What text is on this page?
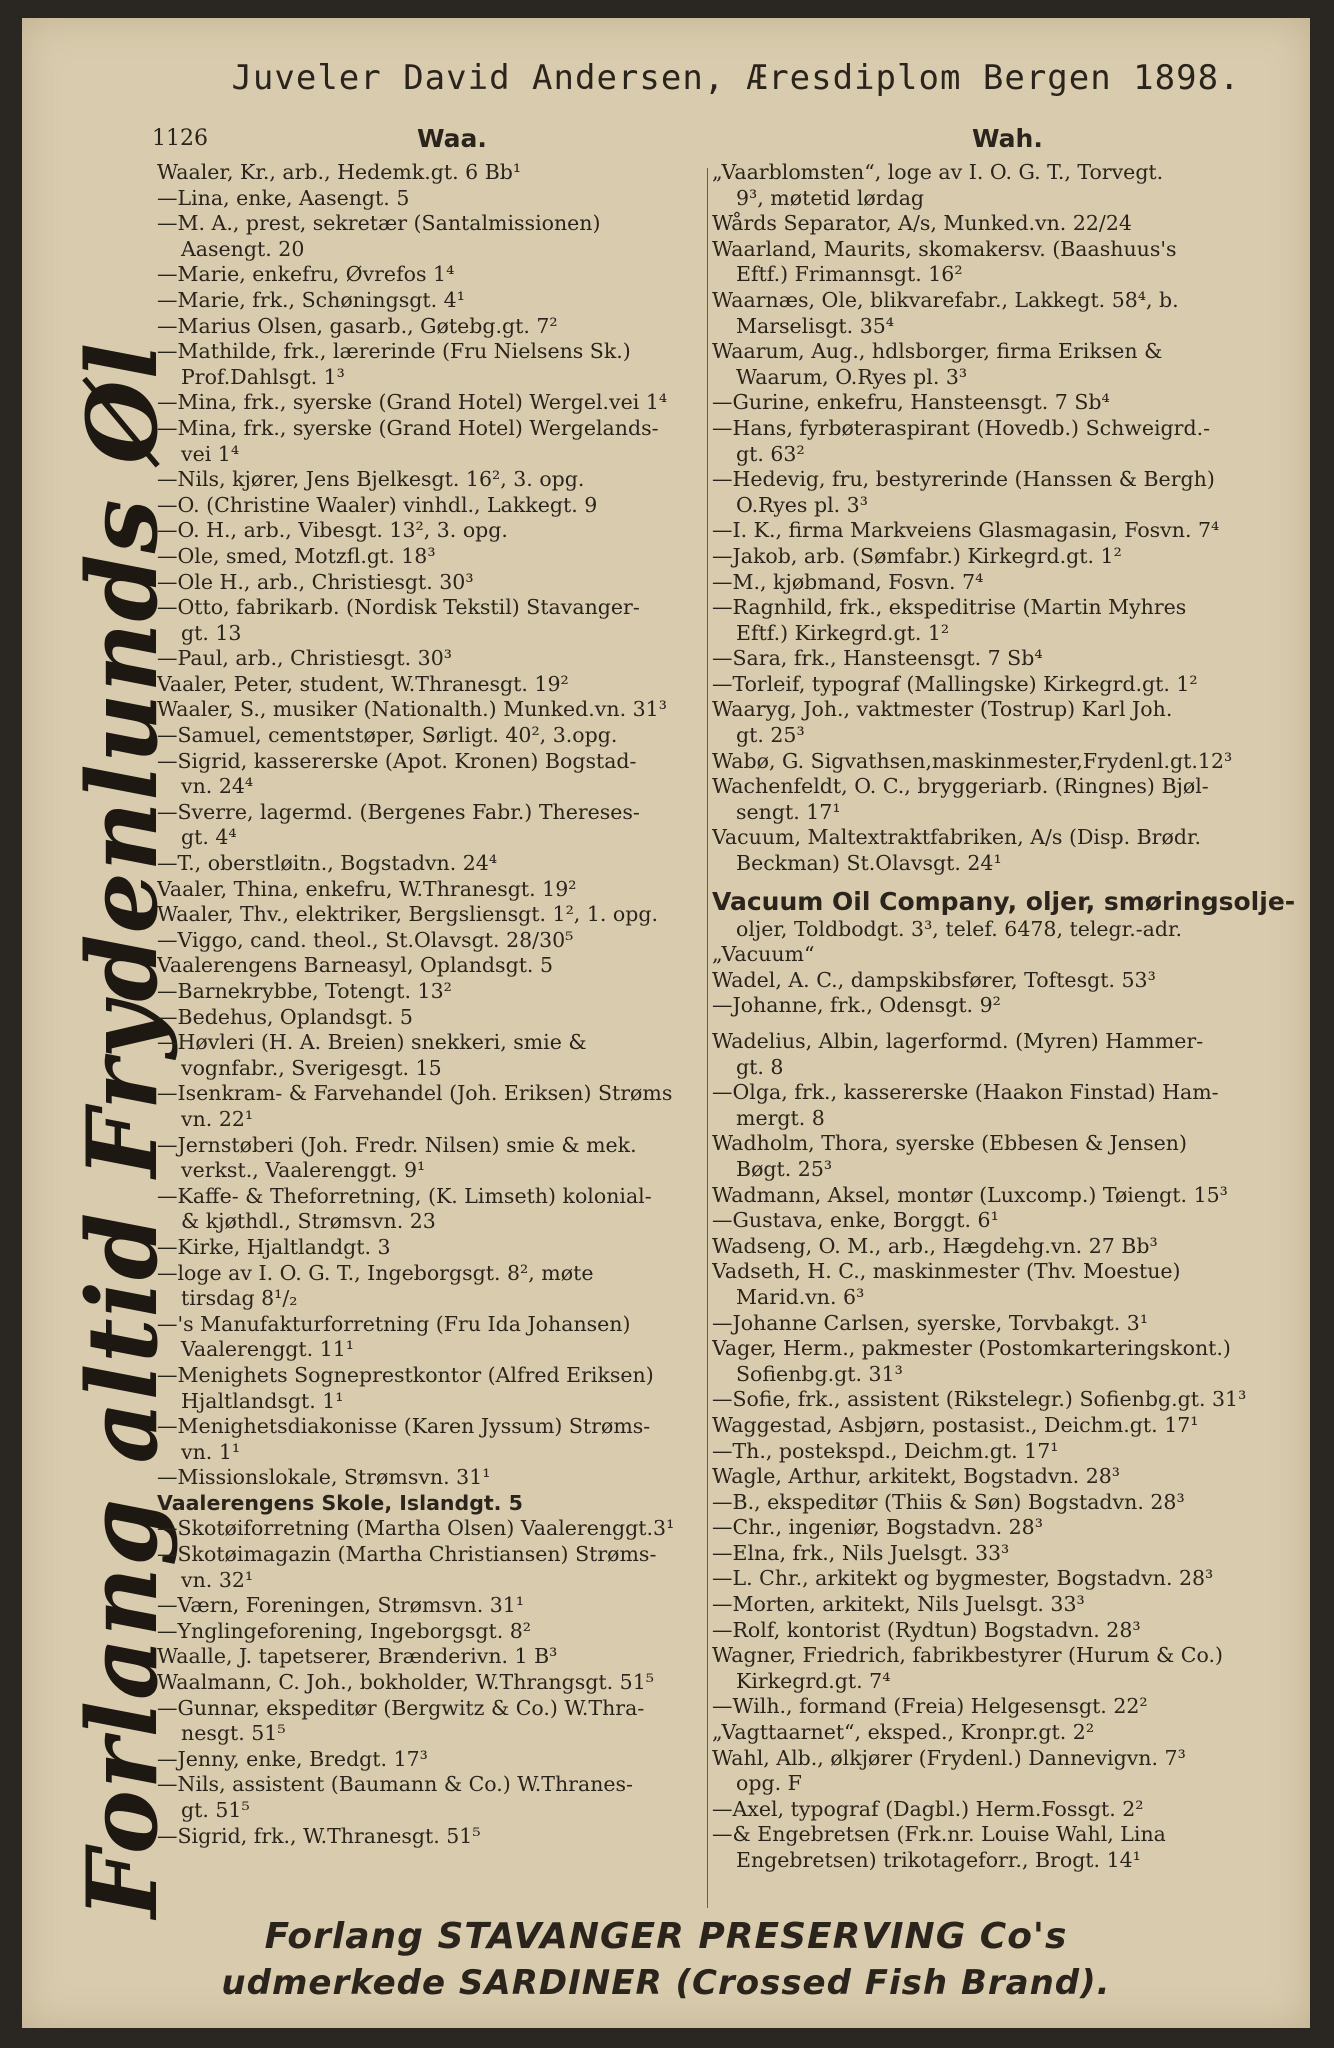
Juveler David Andersen, Æresdiplom Bergen 1898.
1126	Waa.	Wah.
Forlang altid Frydenlunds Øl
Waaler, Kr., arb., Hedemk.gt. 6 Bb¹
—Lina, enke, Aasengt. 5
—M. A., prest, sekretær (Santalmissionen)
Aasengt. 20
—Marie, enkefru, Øvrefos 1⁴
—Marie, frk., Schøningsgt. 4¹
—Marius Olsen, gasarb., Gøtebg.gt. 7²
—Mathilde, frk., lærerinde (Fru Nielsens Sk.)
Prof.Dahlsgt. 1³
—Mina, frk., syerske (Grand Hotel) Wergel.vei 1⁴
—Mina, frk., syerske (Grand Hotel) Wergelands-
vei 1⁴
—Nils, kjører, Jens Bjelkesgt. 16², 3. opg.
—O. (Christine Waaler) vinhdl., Lakkegt. 9
—O. H., arb., Vibesgt. 13², 3. opg.
—Ole, smed, Motzfl.gt. 18³
—Ole H., arb., Christiesgt. 30³
—Otto, fabrikarb. (Nordisk Tekstil) Stavanger-
gt. 13
—Paul, arb., Christiesgt. 30³
Vaaler, Peter, student, W.Thranesgt. 19²
Waaler, S., musiker (Nationalth.) Munked.vn. 31³
—Samuel, cementstøper, Sørligt. 40², 3.opg.
—Sigrid, kassererske (Apot. Kronen) Bogstad-
vn. 24⁴
—Sverre, lagermd. (Bergenes Fabr.) Thereses-
gt. 4⁴
—T., oberstløitn., Bogstadvn. 24⁴
Vaaler, Thina, enkefru, W.Thranesgt. 19²
Waaler, Thv., elektriker, Bergsliensgt. 1², 1. opg.
—Viggo, cand. theol., St.Olavsgt. 28/30⁵
Vaalerengens Barneasyl, Oplandsgt. 5
—Barnekrybbe, Totengt. 13²
—Bedehus, Oplandsgt. 5
—Høvleri (H. A. Breien) snekkeri, smie &
vognfabr., Sverigesgt. 15
—Isenkram- & Farvehandel (Joh. Eriksen) Strøms
vn. 22¹
—Jernstøberi (Joh. Fredr. Nilsen) smie & mek.
verkst., Vaalerenggt. 9¹
—Kaffe- & Theforretning, (K. Limseth) kolonial-
& kjøthdl., Strømsvn. 23
—Kirke, Hjaltlandgt. 3
—loge av I. O. G. T., Ingeborgsgt. 8², møte
tirsdag 8¹/₂
—'s Manufakturforretning (Fru Ida Johansen)
Vaalerenggt. 11¹
—Menighets Sogneprestkontor (Alfred Eriksen)
Hjaltlandsgt. 1¹
—Menighetsdiakonisse (Karen Jyssum) Strøms-
vn. 1¹
—Missionslokale, Strømsvn. 31¹
Vaalerengens Skole, Islandgt. 5
—Skotøiforretning (Martha Olsen) Vaalerenggt.3¹
—Skotøimagazin (Martha Christiansen) Strøms-
vn. 32¹
—Værn, Foreningen, Strømsvn. 31¹
—Ynglingeforening, Ingeborgsgt. 8²
Waalle, J. tapetserer, Brænderivn. 1 B³
Waalmann, C. Joh., bokholder, W.Thrangsgt. 51⁵
—Gunnar, ekspeditør (Bergwitz & Co.) W.Thra-
nesgt. 51⁵
—Jenny, enke, Bredgt. 17³
—Nils, assistent (Baumann & Co.) W.Thranes-
gt. 51⁵
—Sigrid, frk., W.Thranesgt. 51⁵
„Vaarblomsten“, loge av I. O. G. T., Torvegt.
9³, møtetid lørdag
Wårds Separator, A/s, Munked.vn. 22/24
Waarland, Maurits, skomakersv. (Baashuus's
Eftf.) Frimannsgt. 16²
Waarnæs, Ole, blikvarefabr., Lakkegt. 58⁴, b.
Marselisgt. 35⁴
Waarum, Aug., hdlsborger, firma Eriksen &
Waarum, O.Ryes pl. 3³
—Gurine, enkefru, Hansteensgt. 7 Sb⁴
—Hans, fyrbøteraspirant (Hovedb.) Schweigrd.-
gt. 63²
—Hedevig, fru, bestyrerinde (Hanssen & Bergh)
O.Ryes pl. 3³
—I. K., firma Markveiens Glasmagasin, Fosvn. 7⁴
—Jakob, arb. (Sømfabr.) Kirkegrd.gt. 1²
—M., kjøbmand, Fosvn. 7⁴
—Ragnhild, frk., ekspeditrise (Martin Myhres
Eftf.) Kirkegrd.gt. 1²
—Sara, frk., Hansteensgt. 7 Sb⁴
—Torleif, typograf (Mallingske) Kirkegrd.gt. 1²
Waaryg, Joh., vaktmester (Tostrup) Karl Joh.
gt. 25³
Wabø, G. Sigvathsen,maskinmester,Frydenl.gt.12³
Wachenfeldt, O. C., bryggeriarb. (Ringnes) Bjøl-
sengt. 17¹
Vacuum, Maltextraktfabriken, A/s (Disp. Brødr.
Beckman) St.Olavsgt. 24¹
Vacuum Oil Company, oljer, smøringsolje-
oljer, Toldbodgt. 3³, telef. 6478, telegr.-adr.
„Vacuum“
Wadel, A. C., dampskibsfører, Toftesgt. 53³
—Johanne, frk., Odensgt. 9²
Wadelius, Albin, lagerformd. (Myren) Hammer-
gt. 8
—Olga, frk., kassererske (Haakon Finstad) Ham-
mergt. 8
Wadholm, Thora, syerske (Ebbesen & Jensen)
Bøgt. 25³
Wadmann, Aksel, montør (Luxcomp.) Tøiengt. 15³
—Gustava, enke, Borggt. 6¹
Wadseng, O. M., arb., Hægdehg.vn. 27 Bb³
Vadseth, H. C., maskinmester (Thv. Moestue)
Marid.vn. 6³
—Johanne Carlsen, syerske, Torvbakgt. 3¹
Vager, Herm., pakmester (Postomkarteringskont.)
Sofienbg.gt. 31³
—Sofie, frk., assistent (Rikstelegr.) Sofienbg.gt. 31³
Waggestad, Asbjørn, postasist., Deichm.gt. 17¹
—Th., postekspd., Deichm.gt. 17¹
Wagle, Arthur, arkitekt, Bogstadvn. 28³
—B., ekspeditør (Thiis & Søn) Bogstadvn. 28³
—Chr., ingeniør, Bogstadvn. 28³
—Elna, frk., Nils Juelsgt. 33³
—L. Chr., arkitekt og bygmester, Bogstadvn. 28³
—Morten, arkitekt, Nils Juelsgt. 33³
—Rolf, kontorist (Rydtun) Bogstadvn. 28³
Wagner, Friedrich, fabrikbestyrer (Hurum & Co.)
Kirkegrd.gt. 7⁴
—Wilh., formand (Freia) Helgesensgt. 22²
„Vagttaarnet“, eksped., Kronpr.gt. 2²
Wahl, Alb., ølkjører (Frydenl.) Dannevigvn. 7³
opg. F
—Axel, typograf (Dagbl.) Herm.Fossgt. 2²
—& Engebretsen (Frk.nr. Louise Wahl, Lina
Engebretsen) trikotageforr., Brogt. 14¹
Forlang STAVANGER PRESERVING Co's
udmerkede SARDINER (Crossed Fish Brand).
